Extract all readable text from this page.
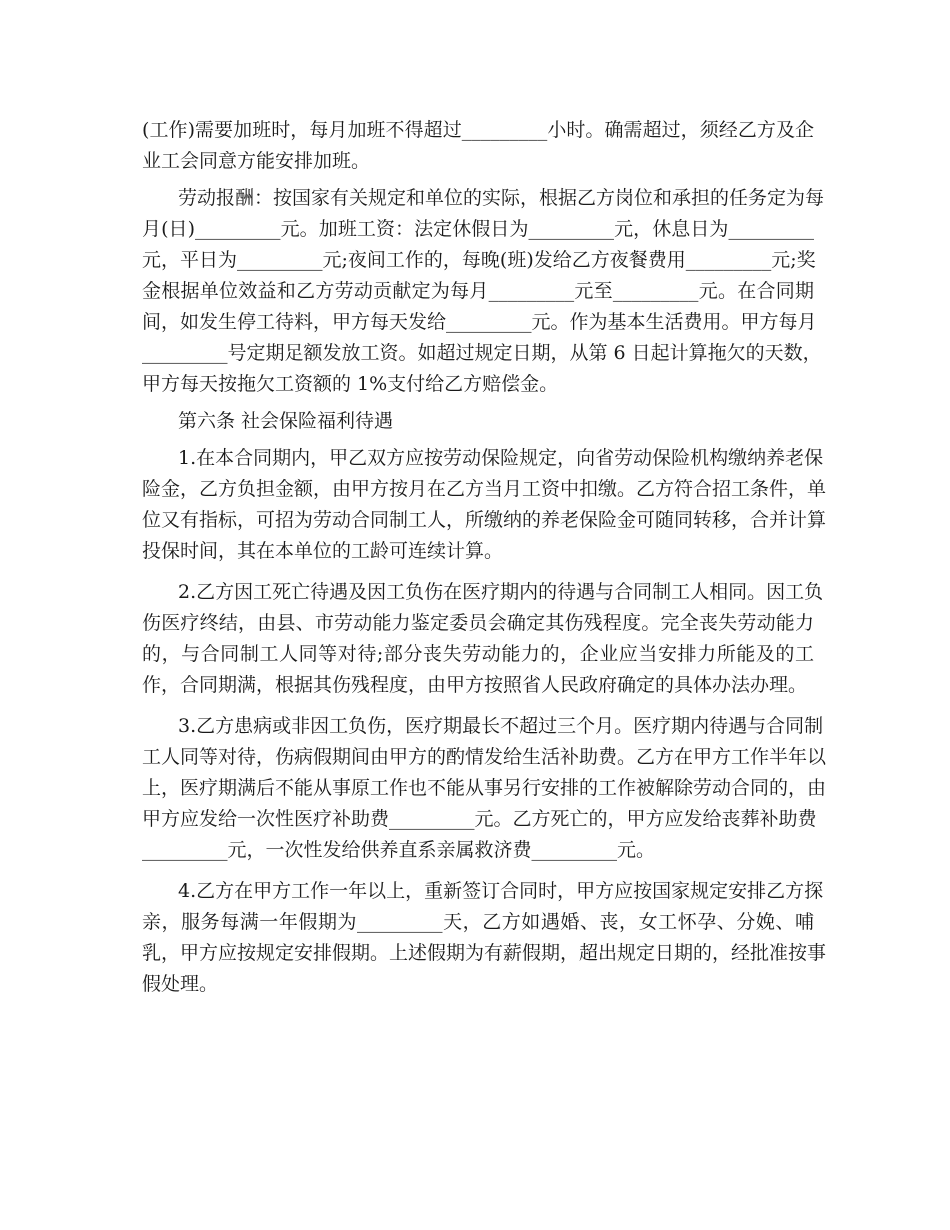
(工作)需要加班时，每月加班不得超过_________小时。确需超过，须经乙方及企
业工会同意方能安排加班。
劳动报酬：按国家有关规定和单位的实际，根据乙方岗位和承担的任务定为每
月(日)_________元。加班工资：法定休假日为_________元，休息日为_________
元，平日为_________元;夜间工作的，每晚(班)发给乙方夜餐费用_________元;奖
金根据单位效益和乙方劳动贡献定为每月_________元至_________元。在合同期
间，如发生停工待料，甲方每天发给_________元。作为基本生活费用。甲方每月
_________号定期足额发放工资。如超过规定日期，从第 6 日起计算拖欠的天数，
甲方每天按拖欠工资额的 1%支付给乙方赔偿金。
第六条 社会保险福利待遇
1.在本合同期内，甲乙双方应按劳动保险规定，向省劳动保险机构缴纳养老保
险金，乙方负担金额，由甲方按月在乙方当月工资中扣缴。乙方符合招工条件，单
位又有指标，可招为劳动合同制工人，所缴纳的养老保险金可随同转移，合并计算
投保时间，其在本单位的工龄可连续计算。
2.乙方因工死亡待遇及因工负伤在医疗期内的待遇与合同制工人相同。因工负
伤医疗终结，由县、市劳动能力鉴定委员会确定其伤残程度。完全丧失劳动能力
的，与合同制工人同等对待;部分丧失劳动能力的，企业应当安排力所能及的工
作，合同期满，根据其伤残程度，由甲方按照省人民政府确定的具体办法办理。
3.乙方患病或非因工负伤，医疗期最长不超过三个月。医疗期内待遇与合同制
工人同等对待，伤病假期间由甲方的酌情发给生活补助费。乙方在甲方工作半年以
上，医疗期满后不能从事原工作也不能从事另行安排的工作被解除劳动合同的，由
甲方应发给一次性医疗补助费_________元。乙方死亡的，甲方应发给丧葬补助费
_________元，一次性发给供养直系亲属救济费_________元。
4.乙方在甲方工作一年以上，重新签订合同时，甲方应按国家规定安排乙方探
亲，服务每满一年假期为_________天，乙方如遇婚、丧，女工怀孕、分娩、哺
乳，甲方应按规定安排假期。上述假期为有薪假期，超出规定日期的，经批准按事
假处理。
